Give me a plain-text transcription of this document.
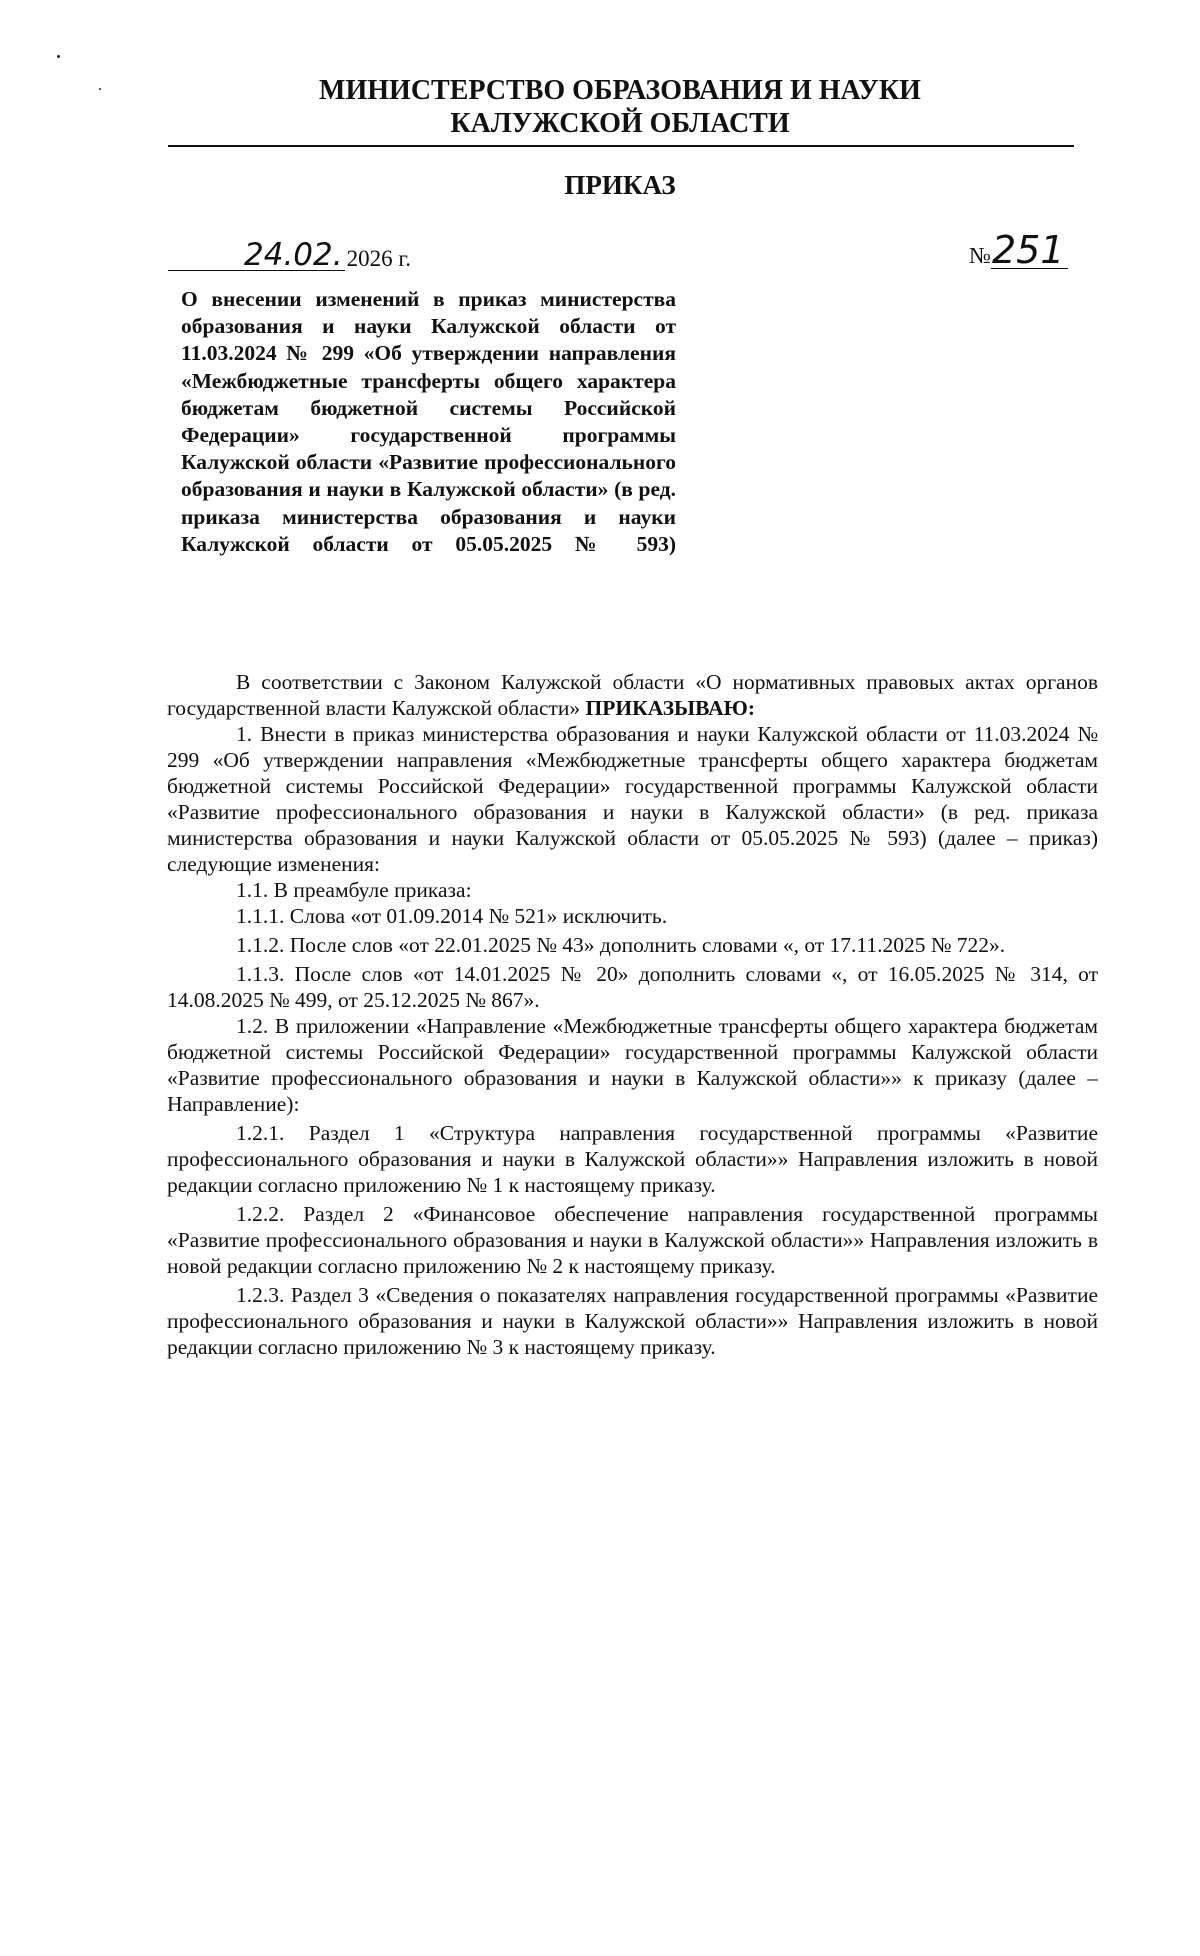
МИНИСТЕРСТВО ОБРАЗОВАНИЯ И НАУКИ
КАЛУЖСКОЙ ОБЛАСТИ
ПРИКАЗ
24.02. 2026 г.	№ 251
О внесении изменений в приказ министерства образования и науки Калужской области от 11.03.2024 № 299 «Об утверждении направления «Межбюджетные трансферты общего характера бюджетам бюджетной системы Российской Федерации» государственной программы Калужской области «Развитие профессионального образования и науки в Калужской области» (в ред. приказа министерства образования и науки Калужской области от 05.05.2025 № 593)

В соответствии с Законом Калужской области «О нормативных правовых актах органов государственной власти Калужской области» ПРИКАЗЫВАЮ:

1. Внести в приказ министерства образования и науки Калужской области от 11.03.2024 № 299 «Об утверждении направления «Межбюджетные трансферты общего характера бюджетам бюджетной системы Российской Федерации» государственной программы Калужской области «Развитие профессионального образования и науки в Калужской области» (в ред. приказа министерства образования и науки Калужской области от 05.05.2025 № 593) (далее – приказ) следующие изменения:

1.1. В преамбуле приказа:

1.1.1. Слова «от 01.09.2014 № 521» исключить.

1.1.2. После слов «от 22.01.2025 № 43» дополнить словами «, от 17.11.2025 № 722».

1.1.3. После слов «от 14.01.2025 № 20» дополнить словами «, от 16.05.2025 № 314, от 14.08.2025 № 499, от 25.12.2025 № 867».

1.2. В приложении «Направление «Межбюджетные трансферты общего характера бюджетам бюджетной системы Российской Федерации» государственной программы Калужской области «Развитие профессионального образования и науки в Калужской области»» к приказу (далее – Направление):

1.2.1. Раздел 1 «Структура направления государственной программы «Развитие профессионального образования и науки в Калужской области»» Направления изложить в новой редакции согласно приложению № 1 к настоящему приказу.

1.2.2. Раздел 2 «Финансовое обеспечение направления государственной программы «Развитие профессионального образования и науки в Калужской области»» Направления изложить в новой редакции согласно приложению № 2 к настоящему приказу.

1.2.3. Раздел 3 «Сведения о показателях направления государственной программы «Развитие профессионального образования и науки в Калужской области»» Направления изложить в новой редакции согласно приложению № 3 к настоящему приказу.
